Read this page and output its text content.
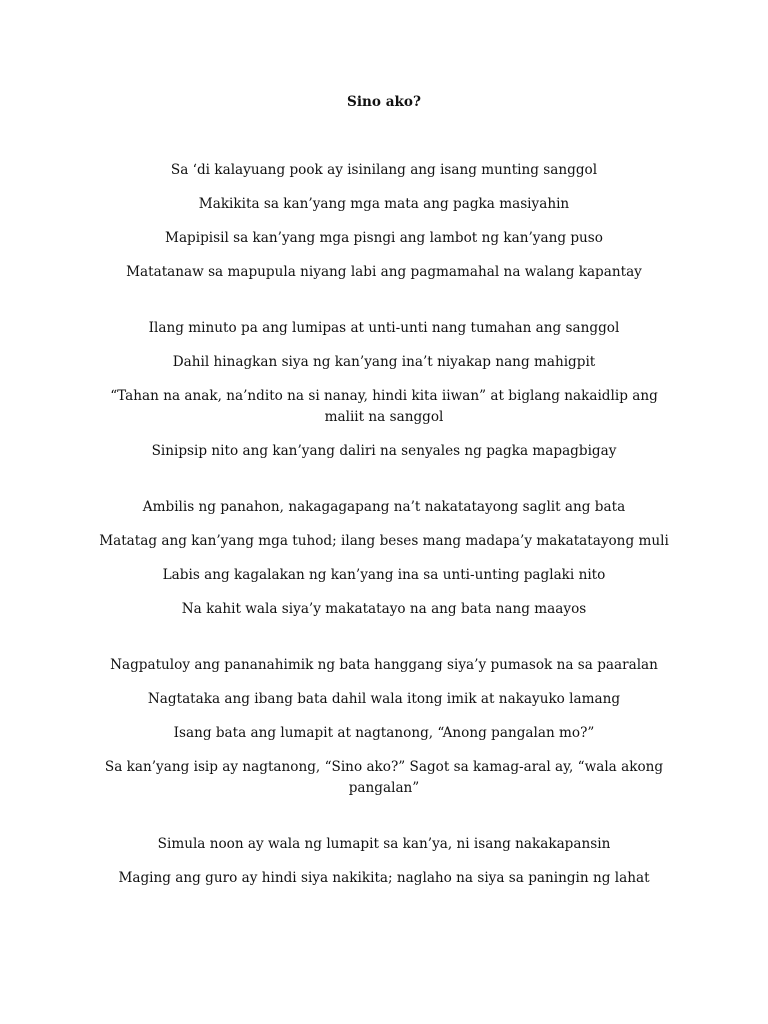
Sino ako?
Sa ‘di kalayuang pook ay isinilang ang isang munting sanggol
Makikita sa kan’yang mga mata ang pagka masiyahin
Mapipisil sa kan’yang mga pisngi ang lambot ng kan’yang puso
Matatanaw sa mapupula niyang labi ang pagmamahal na walang kapantay
Ilang minuto pa ang lumipas at unti-unti nang tumahan ang sanggol
Dahil hinagkan siya ng kan’yang ina’t niyakap nang mahigpit
“Tahan na anak, na’ndito na si nanay, hindi kita iiwan” at biglang nakaidlip ang maliit na sanggol
Sinipsip nito ang kan’yang daliri na senyales ng pagka mapagbigay
Ambilis ng panahon, nakagagapang na’t nakatatayong saglit ang bata
Matatag ang kan’yang mga tuhod; ilang beses mang madapa’y makatatayong muli
Labis ang kagalakan ng kan’yang ina sa unti-unting paglaki nito
Na kahit wala siya’y makatatayo na ang bata nang maayos
Nagpatuloy ang pananahimik ng bata hanggang siya’y pumasok na sa paaralan
Nagtataka ang ibang bata dahil wala itong imik at nakayuko lamang
Isang bata ang lumapit at nagtanong, “Anong pangalan mo?”
Sa kan’yang isip ay nagtanong, “Sino ako?” Sagot sa kamag-aral ay, “wala akong pangalan”
Simula noon ay wala ng lumapit sa kan’ya, ni isang nakakapansin
Maging ang guro ay hindi siya nakikita; naglaho na siya sa paningin ng lahat
